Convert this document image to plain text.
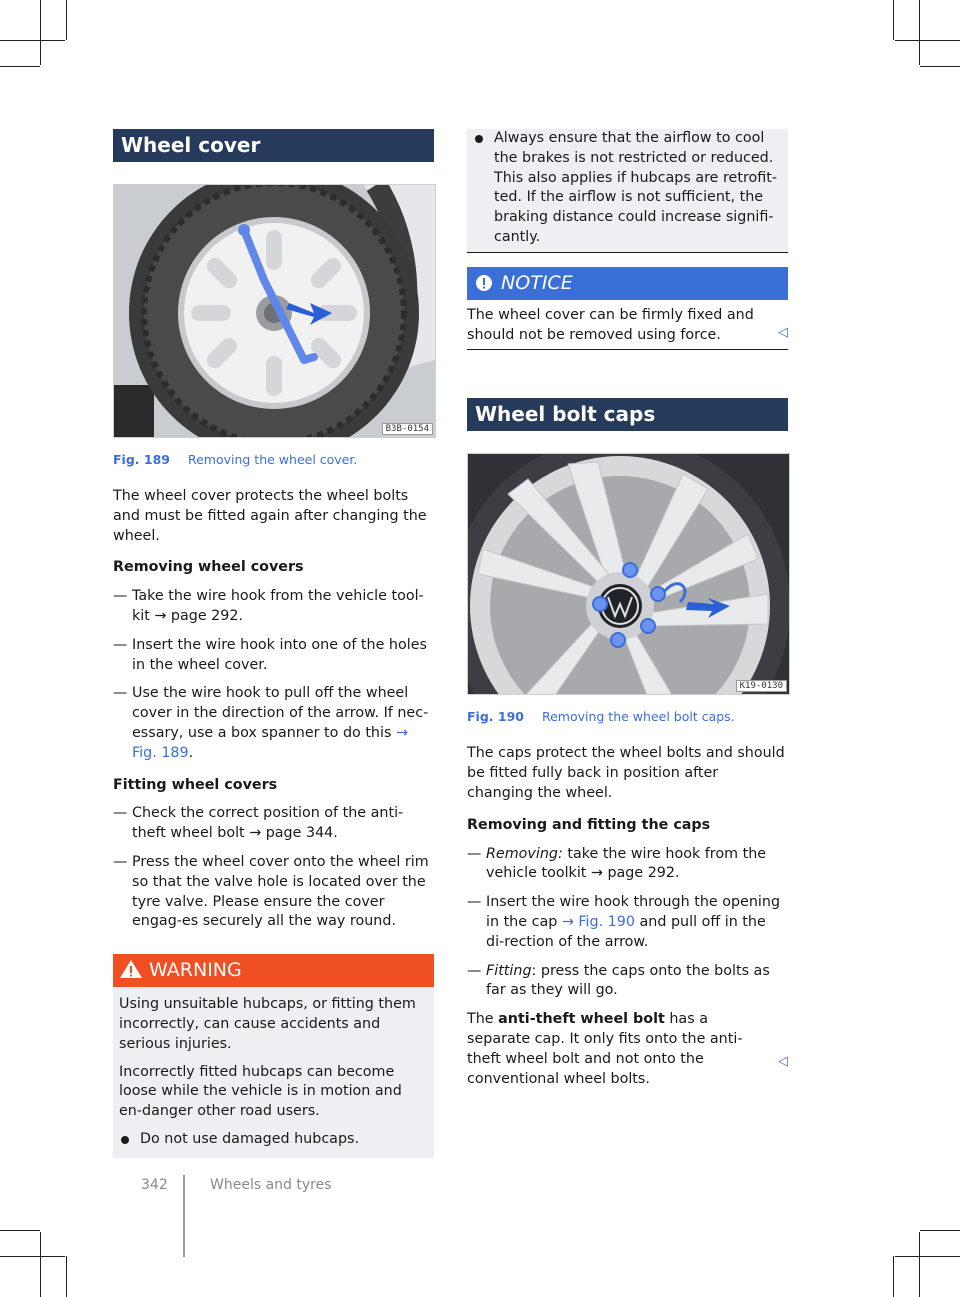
Wheel cover
B3B-0154
Fig. 189 Removing the wheel cover.

The wheel cover protects the wheel bolts and must be fitted again after changing the wheel.

Removing wheel covers

— Take the wire hook from the vehicle tool-kit → page 292.

— Insert the wire hook into one of the holes in the wheel cover.

— Use the wire hook to pull off the wheel cover in the direction of the arrow. If nec-essary, use a box spanner to do this → Fig. 189.

Fitting wheel covers

— Check the correct position of the anti-theft wheel bolt → page 344.

— Press the wheel cover onto the wheel rim so that the valve hole is located over the tyre valve. Please ensure the cover engag-es securely all the way round.

WARNING

Using unsuitable hubcaps, or fitting them incorrectly, can cause accidents and serious injuries.

Incorrectly fitted hubcaps can become loose while the vehicle is in motion and en-danger other road users.

Do not use damaged hubcaps.

Always ensure that the airflow to cool the brakes is not restricted or reduced. This also applies if hubcaps are retrofit-ted. If the airflow is not sufficient, the braking distance could increase signifi-cantly.

NOTICE

The wheel cover can be firmly fixed and should not be removed using force.	◁
Wheel bolt caps
K19-0130
Fig. 190 Removing the wheel bolt caps.

The caps protect the wheel bolts and should be fitted fully back in position after changing the wheel.

Removing and fitting the caps

— Removing: take the wire hook from the vehicle toolkit → page 292.

— Insert the wire hook through the opening in the cap → Fig. 190 and pull off in the di-rection of the arrow.

— Fitting: press the caps onto the bolts as far as they will go.

The anti-theft wheel bolt has a separate cap. It only fits onto the anti-theft wheel bolt and not onto the conventional wheel bolts.
◁

342	Wheels and tyres
